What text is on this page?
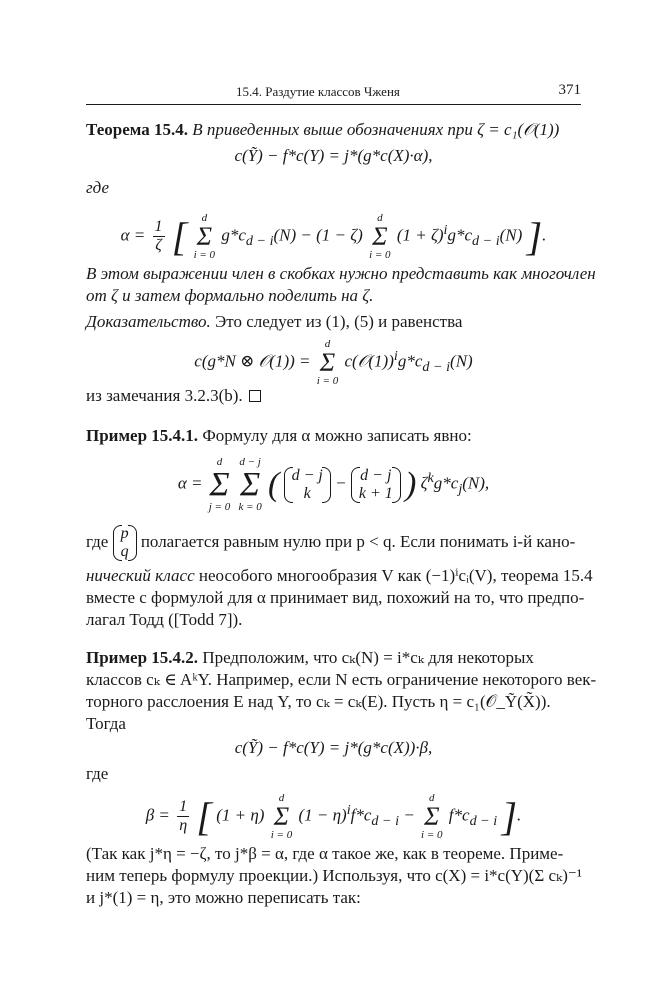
15.4. Раздутие классов Чженя	371
Теорема 15.4. В приведенных выше обозначениях при ζ = c₁(𝒪(1))
c(Ỹ) − f*c(Y) = j*(g*c(X)·α),
где
$\alpha = \frac{1}{\zeta}$ [	d
Σ
i = 0
$g*c_{d - i}(N) - (1 - \zeta)$
d
Σ
i = 0
$(1 + \zeta)^ig*c_{d - i}(N)$ ].
В этом выражении член в скобках нужно представить как многочлен
от ζ и затем формально поделить на ζ.
Доказательство. Это следует из (1), (5) и равенства
c(g*N ⊗ 𝒪(1)) =
d
Σ
i = 0
$c(𝒪(1))^ig*c_{d - i}(N)$
из замечания 3.2.3(b).
Пример 15.4.1. Формулу для α можно записать явно:
α =
d
Σ
j = 0

d − j
Σ
k = 0
( d − j
k
− d − j
k + 1 ) $\zeta^kg*c_j(N)$,
где p
q
полагается равным нулю при p < q. Если понимать i-й кано-
нический класс неособого многообразия V как (−1)ⁱcᵢ(V), теорема 15.4
вместе с формулой для α принимает вид, похожий на то, что предпо-
лагал Тодд ([Todd 7]).
Пример 15.4.2. Предположим, что cₖ(N) = i*cₖ для некоторых
классов cₖ ∈ AᵏY. Например, если N есть ограничение некоторого век-
торного расслоения E над Y, то cₖ = cₖ(E). Пусть η = c₁(𝒪_Ỹ(X̃)).
Тогда
c(Ỹ) − f*c(Y) = j*(g*c(X))·β,
где
$\beta = \frac{1}{\eta}$ [ (1 + η)
d
Σ
i = 0
$(1 - \eta)^if*c_{d - i}$ −
d
Σ
i = 0
$f*c_{d - i}$ ].
(Так как j*η = −ζ, то j*β = α, где α такое же, как в теореме. Приме-
ним теперь формулу проекции.) Используя, что c(X) = i*c(Y)(Σ cₖ)⁻¹
и j*(1) = η, это можно переписать так:
